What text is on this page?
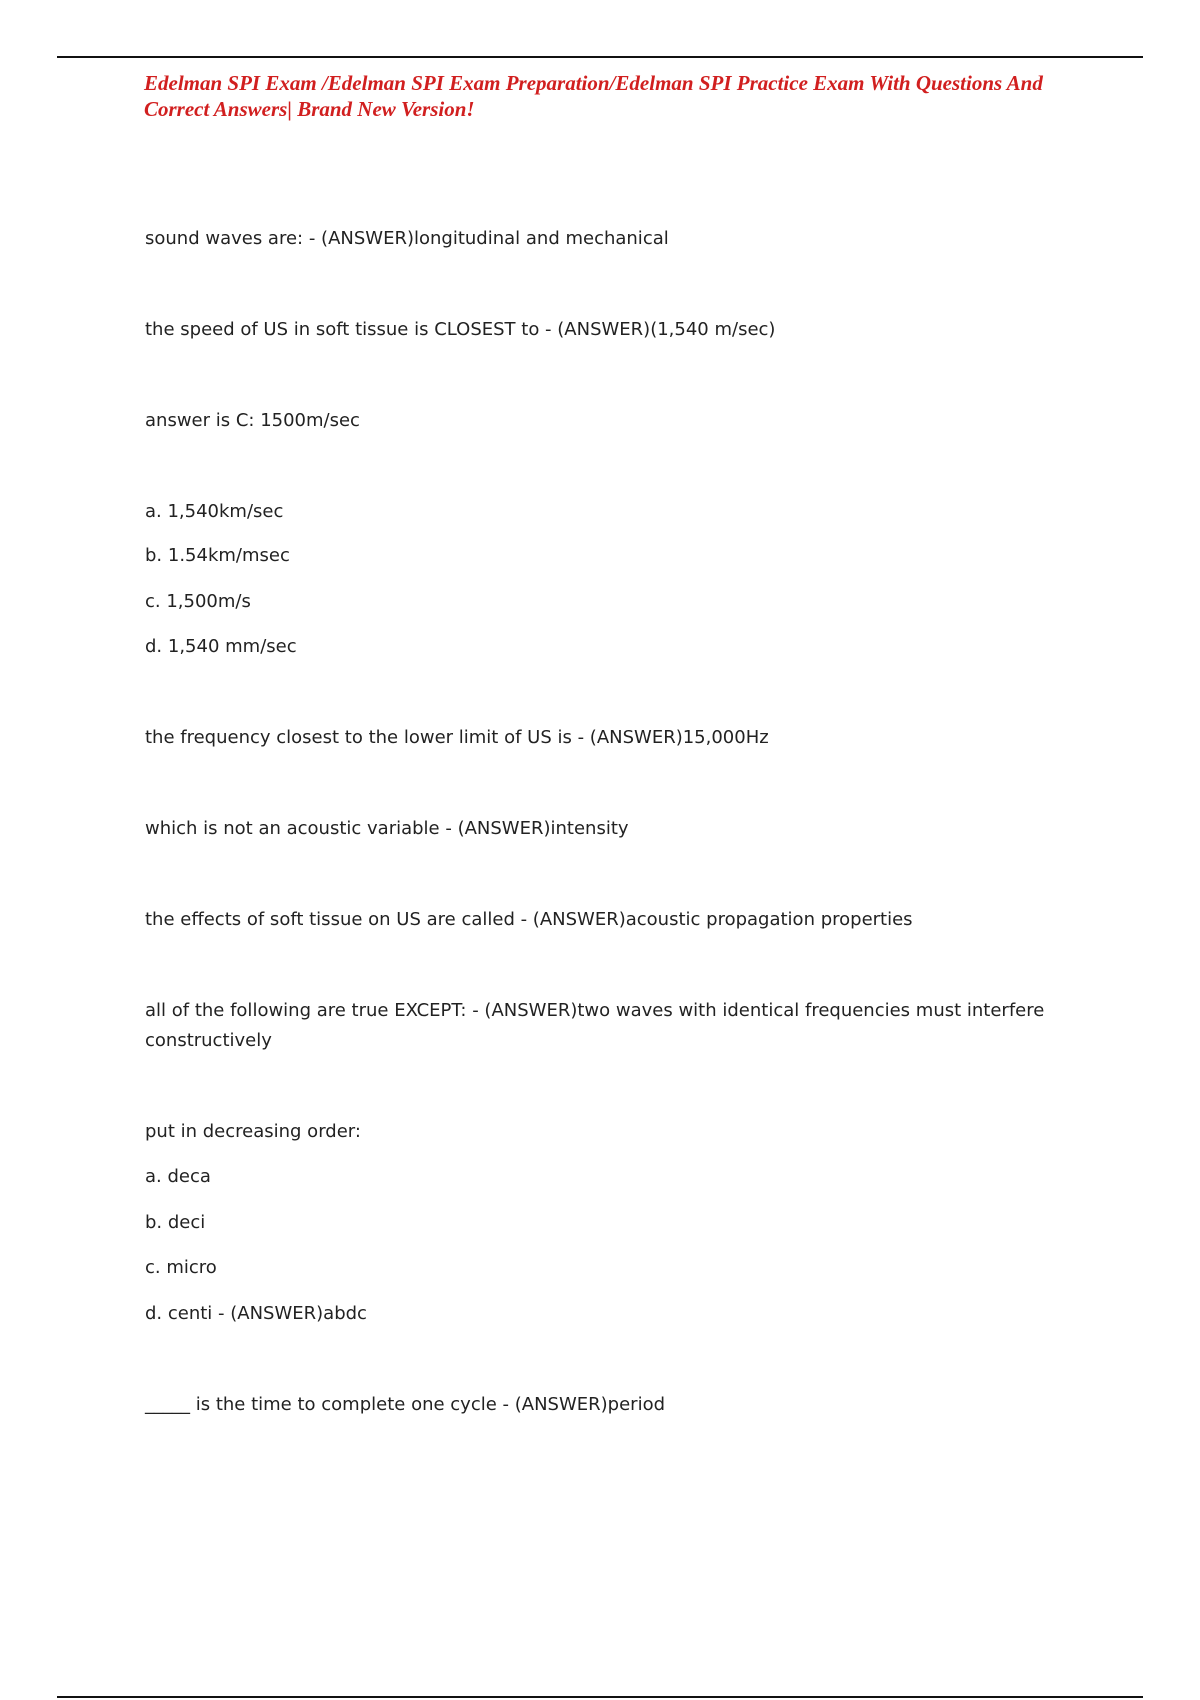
Edelman SPI Exam /Edelman SPI Exam Preparation/Edelman SPI Practice Exam With Questions And Correct Answers| Brand New Version!

sound waves are: - (ANSWER)longitudinal and mechanical

the speed of US in soft tissue is CLOSEST to - (ANSWER)(1,540 m/sec)

answer is C: 1500m/sec

a. 1,540km/sec

b. 1.54km/msec

c. 1,500m/s

d. 1,540 mm/sec

the frequency closest to the lower limit of US is - (ANSWER)15,000Hz

which is not an acoustic variable - (ANSWER)intensity

the effects of soft tissue on US are called - (ANSWER)acoustic propagation properties

all of the following are true EXCEPT: - (ANSWER)two waves with identical frequencies must interfere constructively

put in decreasing order:

a. deca

b. deci

c. micro

d. centi - (ANSWER)abdc

_____ is the time to complete one cycle - (ANSWER)period
